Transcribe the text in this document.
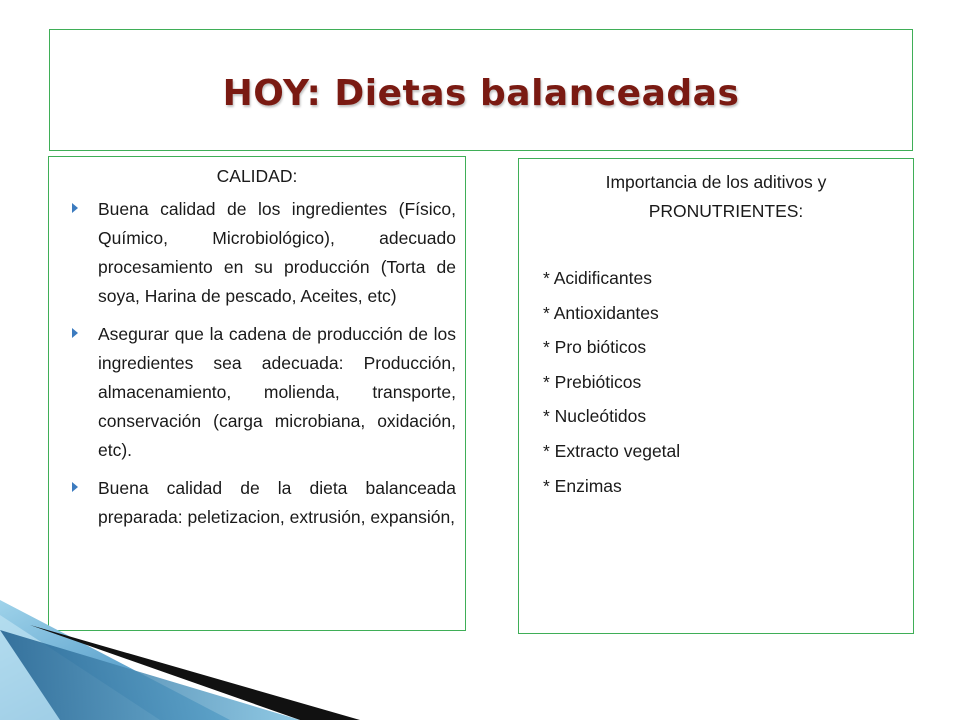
HOY: Dietas balanceadas
CALIDAD:
Buena calidad de los ingredientes (Físico, Químico, Microbiológico), adecuado procesamiento en su producción (Torta de soya, Harina de pescado, Aceites, etc)
Asegurar que la cadena de producción de los ingredientes sea adecuada: Producción, almacenamiento, molienda, transporte, conservación (carga microbiana, oxidación, etc).
Buena calidad de la dieta balanceada preparada: peletizacion, extrusión, expansión,
Importancia de los aditivos y
PRONUTRIENTES:
* Acidificantes
* Antioxidantes
* Pro bióticos
* Prebióticos
* Nucleótidos
* Extracto vegetal
* Enzimas
